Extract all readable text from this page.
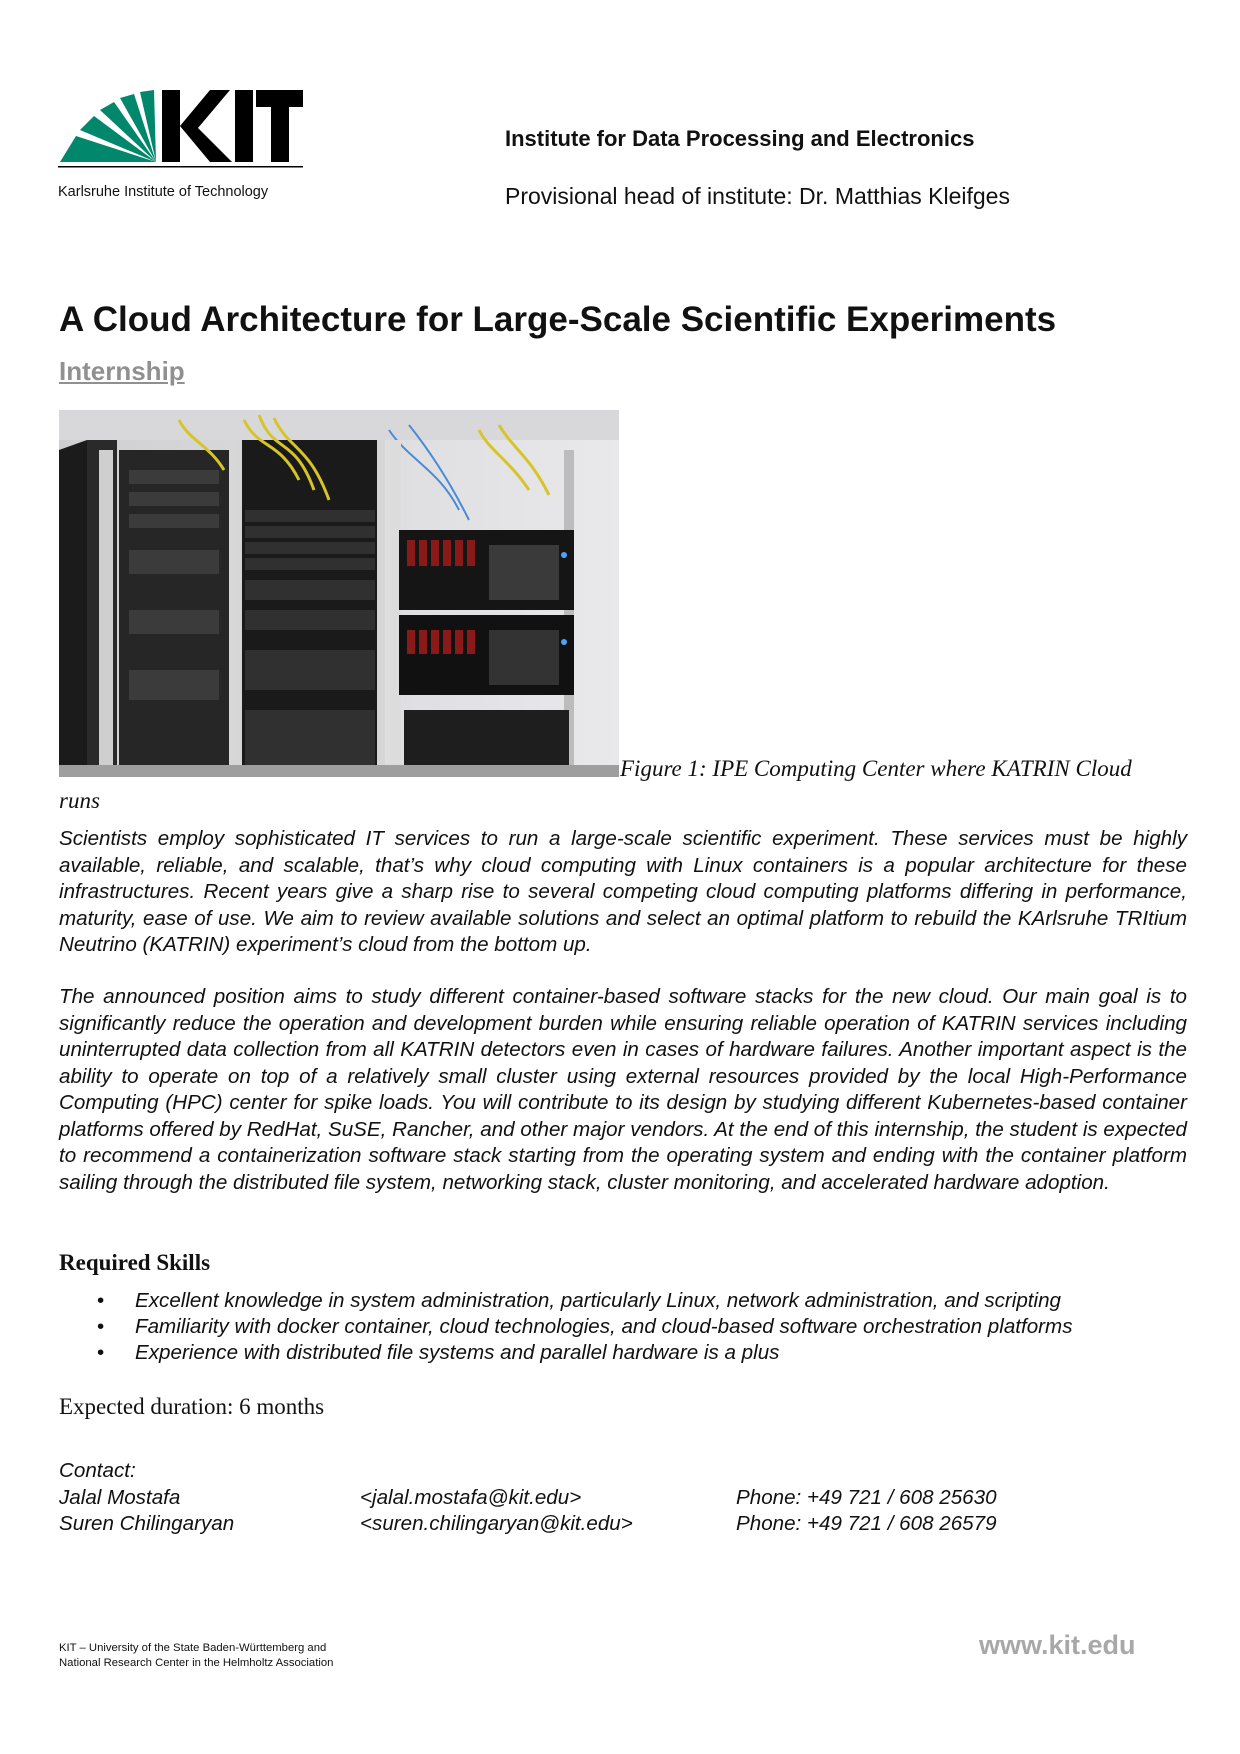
Karlsruhe Institute of Technology
Institute for Data Processing and Electronics
Provisional head of institute: Dr. Matthias Kleifges
A Cloud Architecture for Large-Scale Scientific Experiments
Internship
Figure 1: IPE Computing Center where KATRIN Cloud
runs

Scientists employ sophisticated IT services to run a large-scale scientific experiment. These services must be highly available, reliable, and scalable, that’s why cloud computing with Linux containers is a popular architecture for these infrastructures. Recent years give a sharp rise to several competing cloud computing platforms differing in performance, maturity, ease of use. We aim to review available solutions and select an optimal platform to rebuild the KArlsruhe TRItium Neutrino (KATRIN) experiment’s cloud from the bottom up.

The announced position aims to study different container-based software stacks for the new cloud. Our main goal is to significantly reduce the operation and development burden while ensuring reliable operation of KATRIN services including uninterrupted data collection from all KATRIN detectors even in cases of hardware failures. Another important aspect is the ability to operate on top of a relatively small cluster using external resources provided by the local High-Performance Computing (HPC) center for spike loads. You will contribute to its design by studying different Kubernetes-based container platforms offered by RedHat, SuSE, Rancher, and other major vendors. At the end of this internship, the student is expected to recommend a containerization software stack starting from the operating system and ending with the container platform sailing through the distributed file system, networking stack, cluster monitoring, and accelerated hardware adoption.

Required Skills
• Excellent knowledge in system administration, particularly Linux, network administration, and scripting
• Familiarity with docker container, cloud technologies, and cloud-based software orchestration platforms
• Experience with distributed file systems and parallel hardware is a plus
Expected duration: 6 months
Contact:
Jalal Mostafa	<jalal.mostafa@kit.edu>	Phone: +49 721 / 608 25630
Suren Chilingaryan	<suren.chilingaryan@kit.edu>	Phone: +49 721 / 608 26579
KIT – University of the State Baden-Württemberg and
National Research Center in the Helmholtz Association
www.kit.edu
